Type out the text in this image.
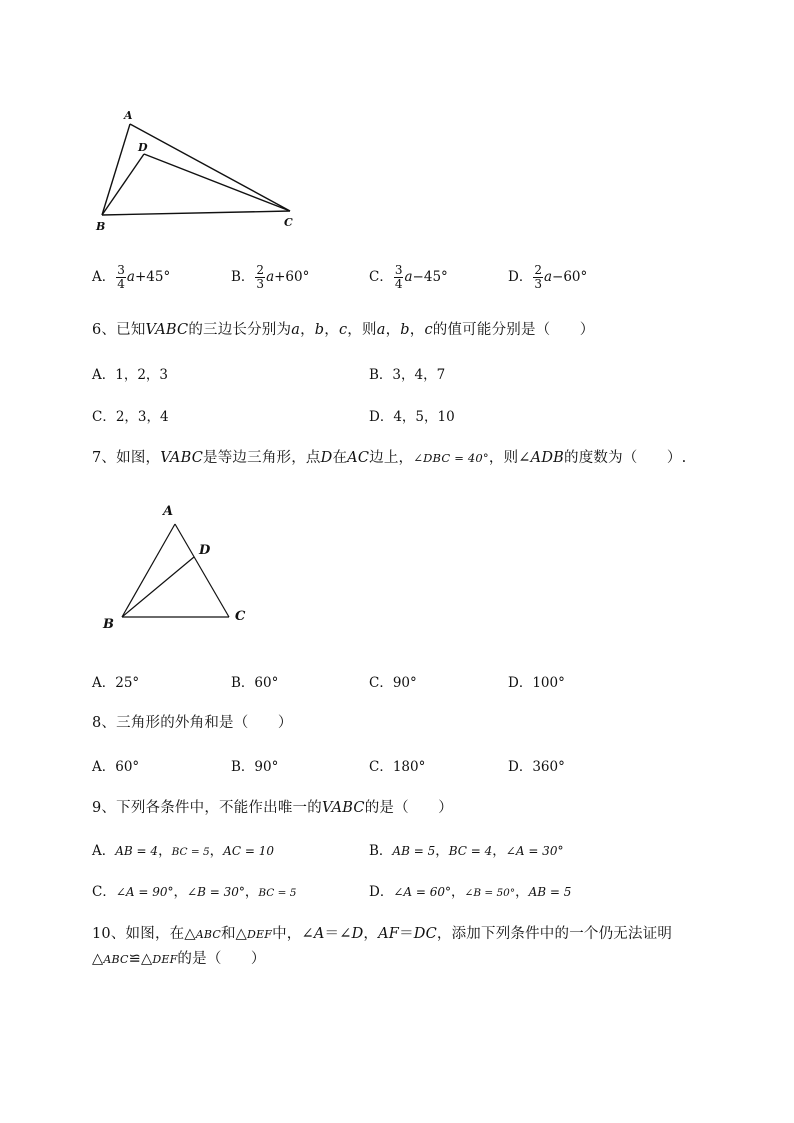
A
D
B	C
A． $\frac{3}{4} a+45^\circ$	B． $\frac{2}{3} a+60^\circ$	C． $\frac{3}{4} a-45^\circ$	D． $\frac{2}{3} a-60^\circ$
6、已知VABC的三边长分别为a，b，c，则a，b，c的值可能分别是（　　）
A．1，2，3	B．3，4，7
C．2，3，4	D．4，5，10
7、如图，VABC是等边三角形，点D在AC边上，∠DBC = 40°，则∠ADB的度数为（　　）.
A
D
B
C
A．25°	B．60°	C．90°	D．100°
8、三角形的外角和是（　　）
A．60°	B．90°	C．180°	D．360°
9、下列各条件中，不能作出唯一的VABC的是（　　）
A．AB = 4，BC = 5，AC = 10	B．AB = 5，BC = 4，∠A = 30°
C．∠A = 90°，∠B = 30°，BC = 5	D．∠A = 60°，∠B = 50°，AB = 5
10、如图，在△ABC和△DEF中，∠A＝∠D，AF＝DC，添加下列条件中的一个仍无法证明
△ABC≌△DEF的是（　　）
